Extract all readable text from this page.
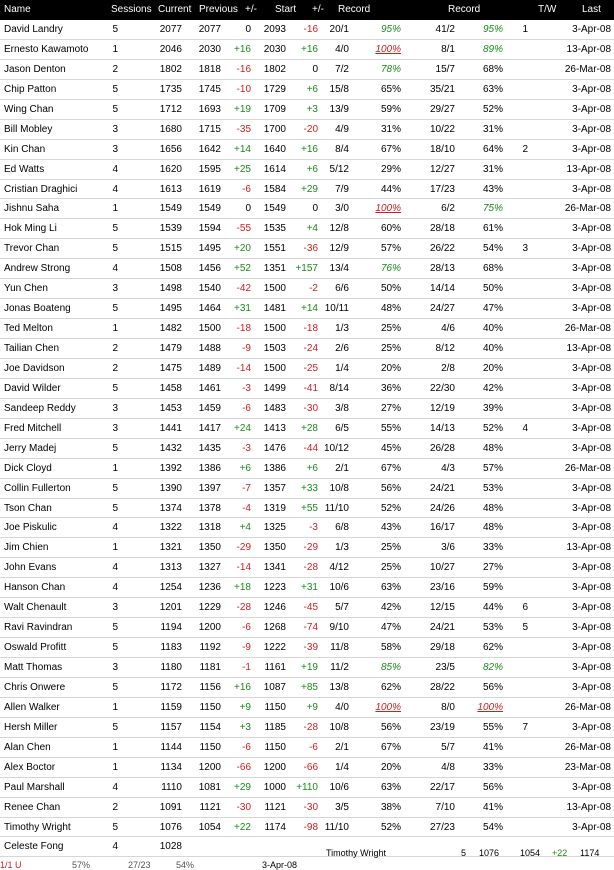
Name	Sessions Current Previous +/- Start +/- Record	Record	T/W	Last
David Landry	5	2077 2077 0 2093 -16 20/1	95%	41/2	95% 1	3-Apr-08
Ernesto Kawamoto 1	2046 2030 +16 2030 +16 4/0	100%	8/1	89%	13-Apr-08
Jason Denton	2	1802 1818 -16 1802	0 7/2	78%	15/7	68%	26-Mar-08
Chip Patton	5	1735 1745 -10 1729 +6 15/8	65%	35/21	63%	3-Apr-08
Wing Chan	5	1712 1693 +19 1709 +3 13/9	59%	29/27	52%	3-Apr-08
Bill Mobley	3	1680 1715 -35 1700 -20 4/9	31%	10/22	31%	3-Apr-08
Kin Chan	3	1656 1642 +14 1640 +16 8/4	67%	18/10	64% 2	3-Apr-08
Ed Watts	4	1620 1595 +25 1614 +6 5/12	29%	12/27	31%	13-Apr-08
Cristian Draghici	4	1613 1619 -6 1584 +29 7/9	44%	17/23	43%	3-Apr-08
Jishnu Saha	1	1549 1549 0 1549	0 3/0	100%	6/2	75%	26-Mar-08
Hok Ming Li	5	1539 1594 -55 1535 +4 12/8	60%	28/18	61%	3-Apr-08
Trevor Chan	5	1515 1495 +20 1551 -36 12/9	57%	26/22	54% 3	3-Apr-08
Andrew Strong	4	1508 1456 +52 1351 +157 13/4	76%	28/13	68%	3-Apr-08
Yun Chen	3	1498 1540 -42 1500 -2 6/6	50%	14/14	50%	3-Apr-08
Jonas Boateng	5	1495 1464 +31 1481 +14 10/11	48%	24/27	47%	3-Apr-08
Ted Melton	1	1482 1500 -18 1500 -18 1/3	25%	4/6	40%	26-Mar-08
Tailian Chen	2	1479 1488 -9 1503 -24 2/6	25%	8/12	40%	13-Apr-08
Joe Davidson	2	1475 1489 -14 1500 -25 1/4	20%	2/8	20%	3-Apr-08
David Wilder	5	1458 1461 -3 1499 -41 8/14	36%	22/30	42%	3-Apr-08
Sandeep Reddy	3	1453 1459 -6 1483 -30 3/8	27%	12/19	39%	3-Apr-08
Fred Mitchell	3	1441 1417 +24 1413 +28 6/5	55%	14/13	52% 4	3-Apr-08
Jerry Madej	5	1432 1435 -3 1476 -44 10/12	45%	26/28	48%	3-Apr-08
Dick Cloyd	1	1392 1386 +6 1386 +6 2/1	67%	4/3	57%	26-Mar-08
Collin Fullerton	5	1390 1397 -7 1357 +33 10/8	56%	24/21	53%	3-Apr-08
Tson Chan	5	1374 1378 -4 1319 +55 11/10	52%	24/26	48%	3-Apr-08
Joe Piskulic	4	1322 1318 +4 1325 -3 6/8	43%	16/17	48%	3-Apr-08
Jim Chien	1	1321 1350 -29 1350 -29 1/3	25%	3/6	33%	13-Apr-08
John Evans	4	1313 1327 -14 1341 -28 4/12	25%	10/27	27%	3-Apr-08
Hanson Chan	4	1254 1236 +18 1223 +31 10/6	63%	23/16	59%	3-Apr-08
Walt Chenault	3	1201 1229 -28 1246 -45 5/7	42%	12/15	44% 6	3-Apr-08
Ravi Ravindran	5	1194 1200 -6 1268 -74 9/10	47%	24/21	53% 5	3-Apr-08
Oswald Profitt	5	1183 1192 -9 1222 -39 11/8	58%	29/18	62%	3-Apr-08
Matt Thomas	3	1180 1181 -1 1161 +19 11/2	85%	23/5	82%	3-Apr-08
Chris Onwere	5	1172 1156 +16 1087 +85 13/8	62%	28/22	56%	3-Apr-08
Allen Walker	1	1159 1150 +9 1150 +9 4/0	100%	8/0 100%	26-Mar-08
Hersh Miller	5	1157 1154 +3 1185 -28 10/8	56%	23/19	55% 7	3-Apr-08
Alan Chen	1	1144 1150 -6 1150 -6 2/1	67%	5/7	41%	26-Mar-08
Alex Boctor	1	1134 1200 -66 1200 -66 1/4	20%	4/8	33%	23-Mar-08
Paul Marshall	4	1110 1081 +29 1000 +110 10/6	63%	22/17	56%	3-Apr-08
Renee Chan	2	1091 1121 -30 1121 -30 3/5	38%	7/10	41%	13-Apr-08
Timothy Wright	5	1076 1054 +22 1174 -98 11/10	52%	27/23	54%	3-Apr-08
Celeste Fong	4	1028
1/1 U	57%	27/23	54%	3-Apr-08
Timothy Wright	5 1076 1054 +22 1174
